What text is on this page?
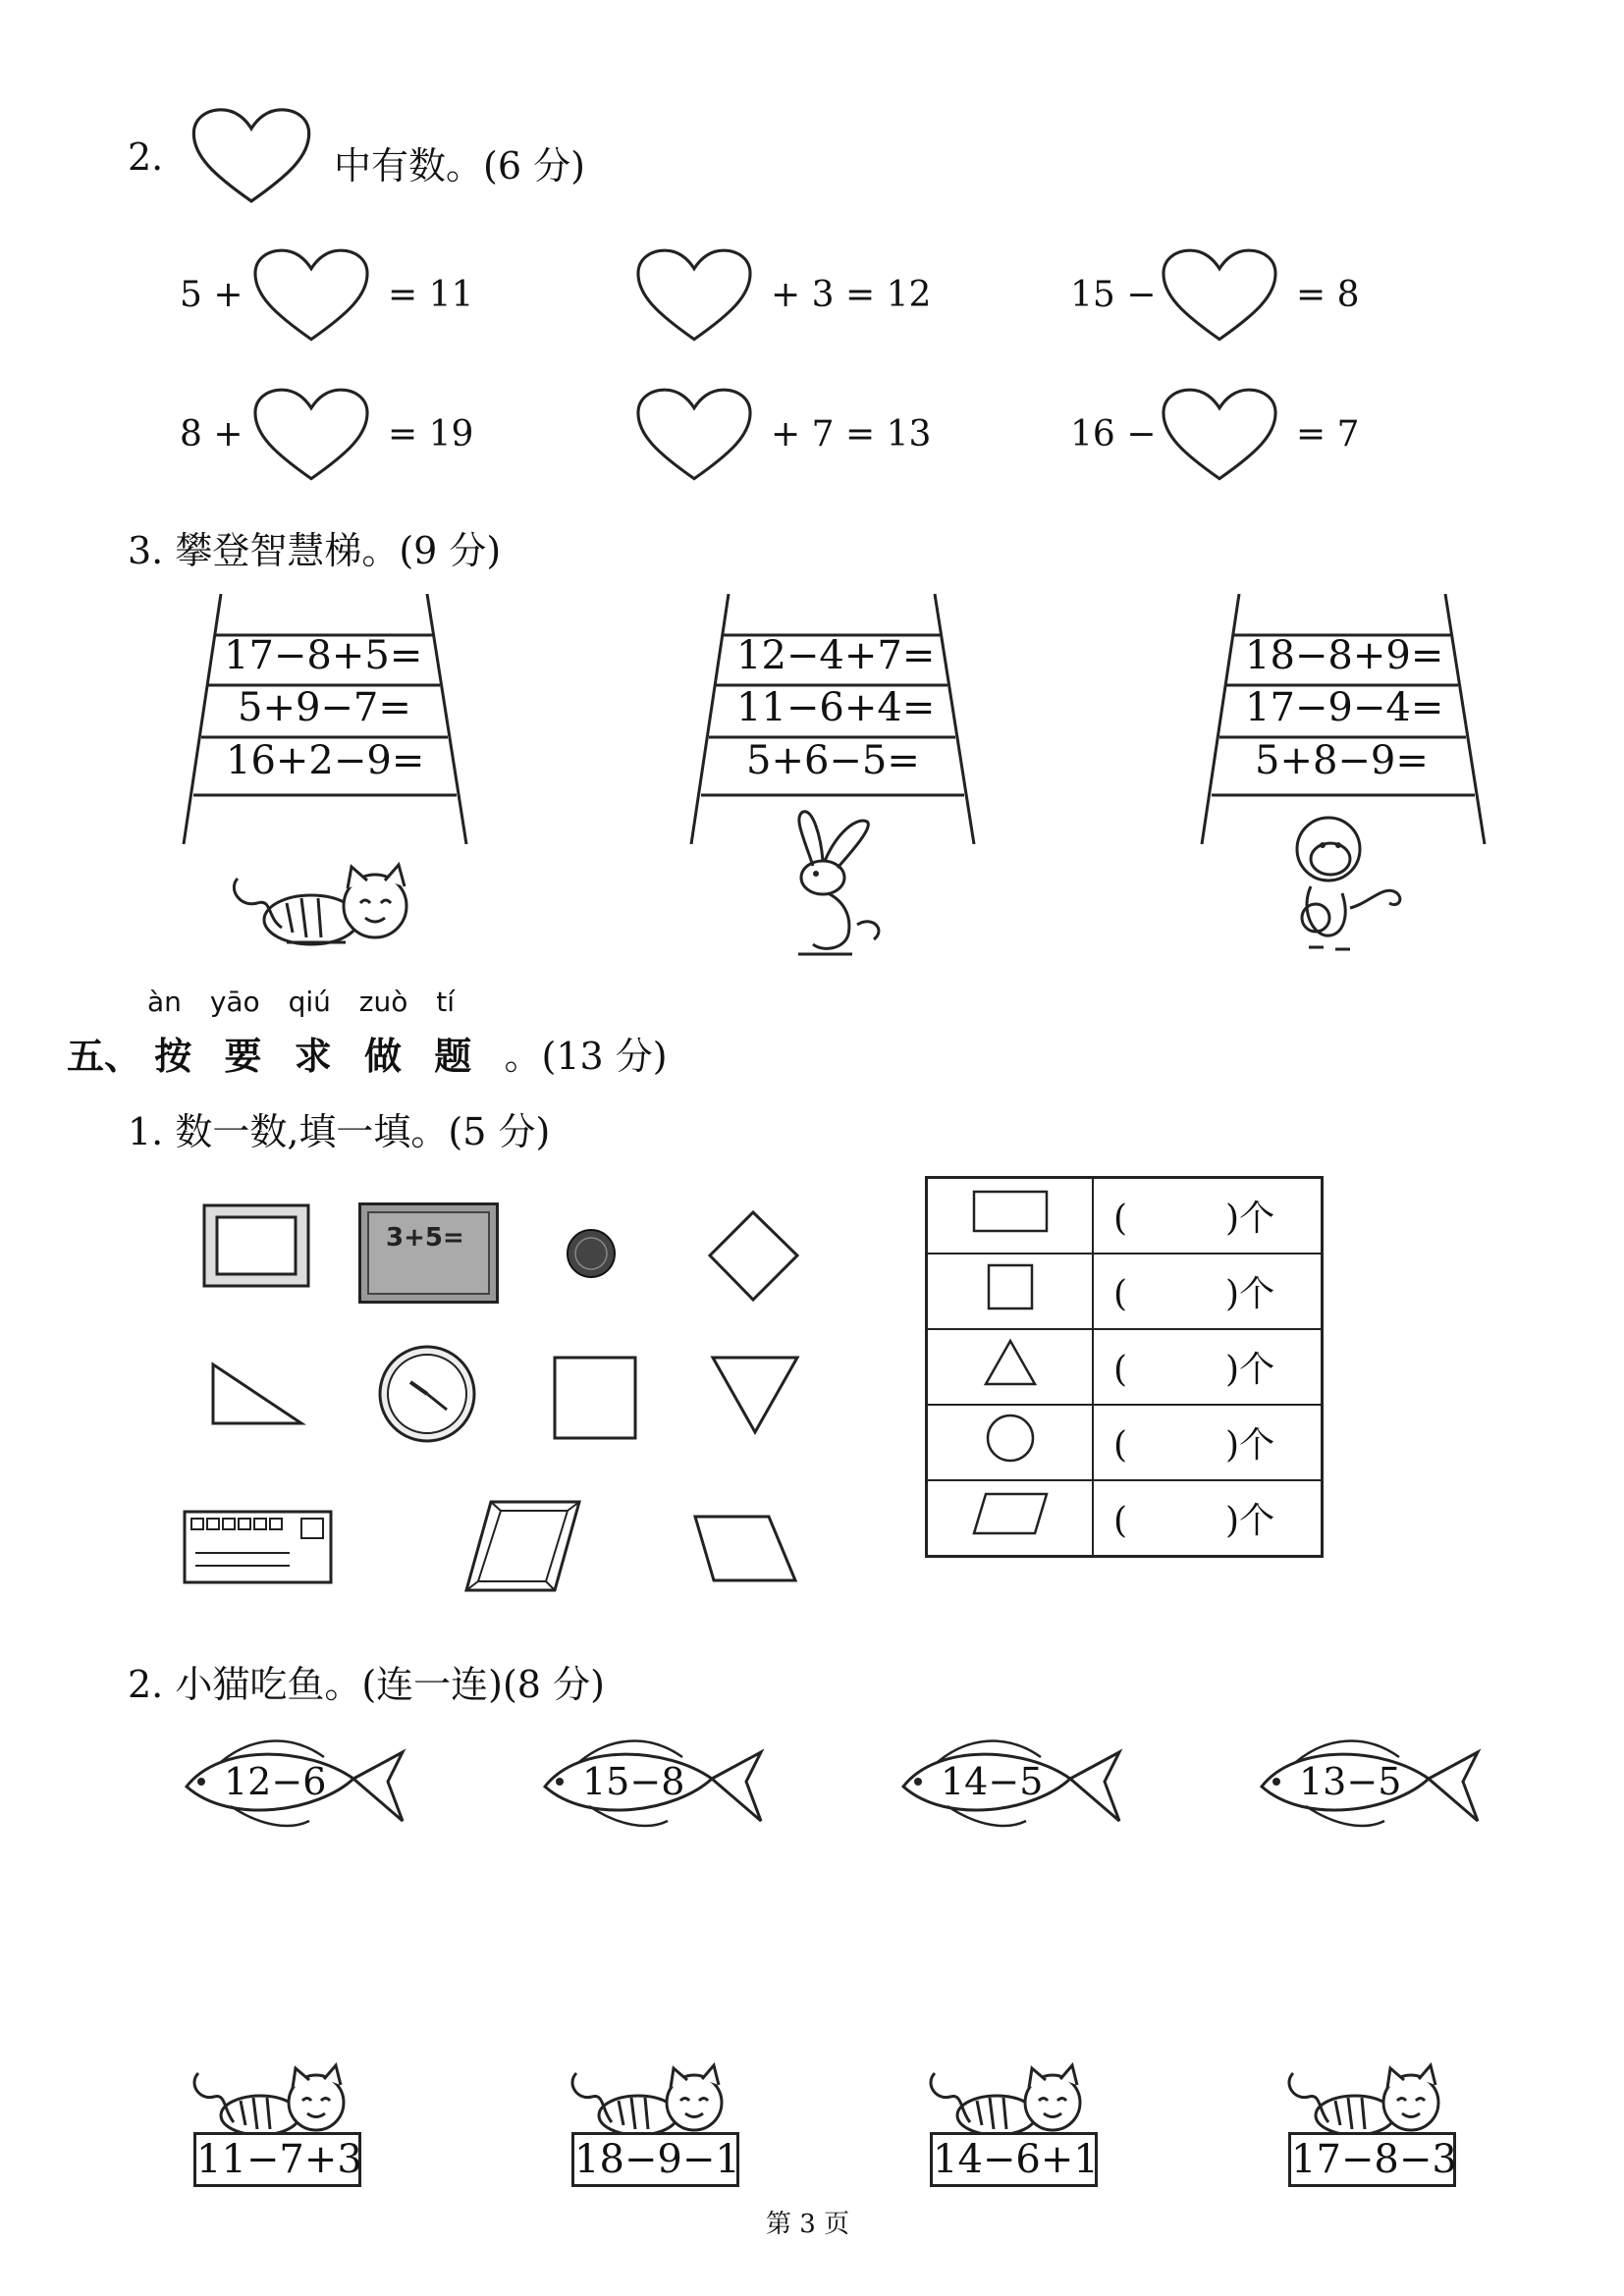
2.	中有数。(6 分)
5 +	= 11	+ 3 = 12	15 −	= 8
8 +	= 19	+ 7 = 13	16 −	= 7
3. 攀登智慧梯。(9 分)
17−8+5=
5+9−7=
16+2−9=
12−4+7=
11−6+4=
5+6−5=
18−8+9=
17−9−4=
5+8−9=
àn yāo qiú zuò tí
五、 按 要 求 做 题 。(13 分)
1. 数一数,填一填。(5 分)
3+5=
		( )个
	( )个
	( )个
	( )个
	( )个
2. 小猫吃鱼。(连一连)(8 分)
12−6	15−8	14−5	13−5
11−7+3	18−9−1	14−6+1	17−8−3
第 3 页
